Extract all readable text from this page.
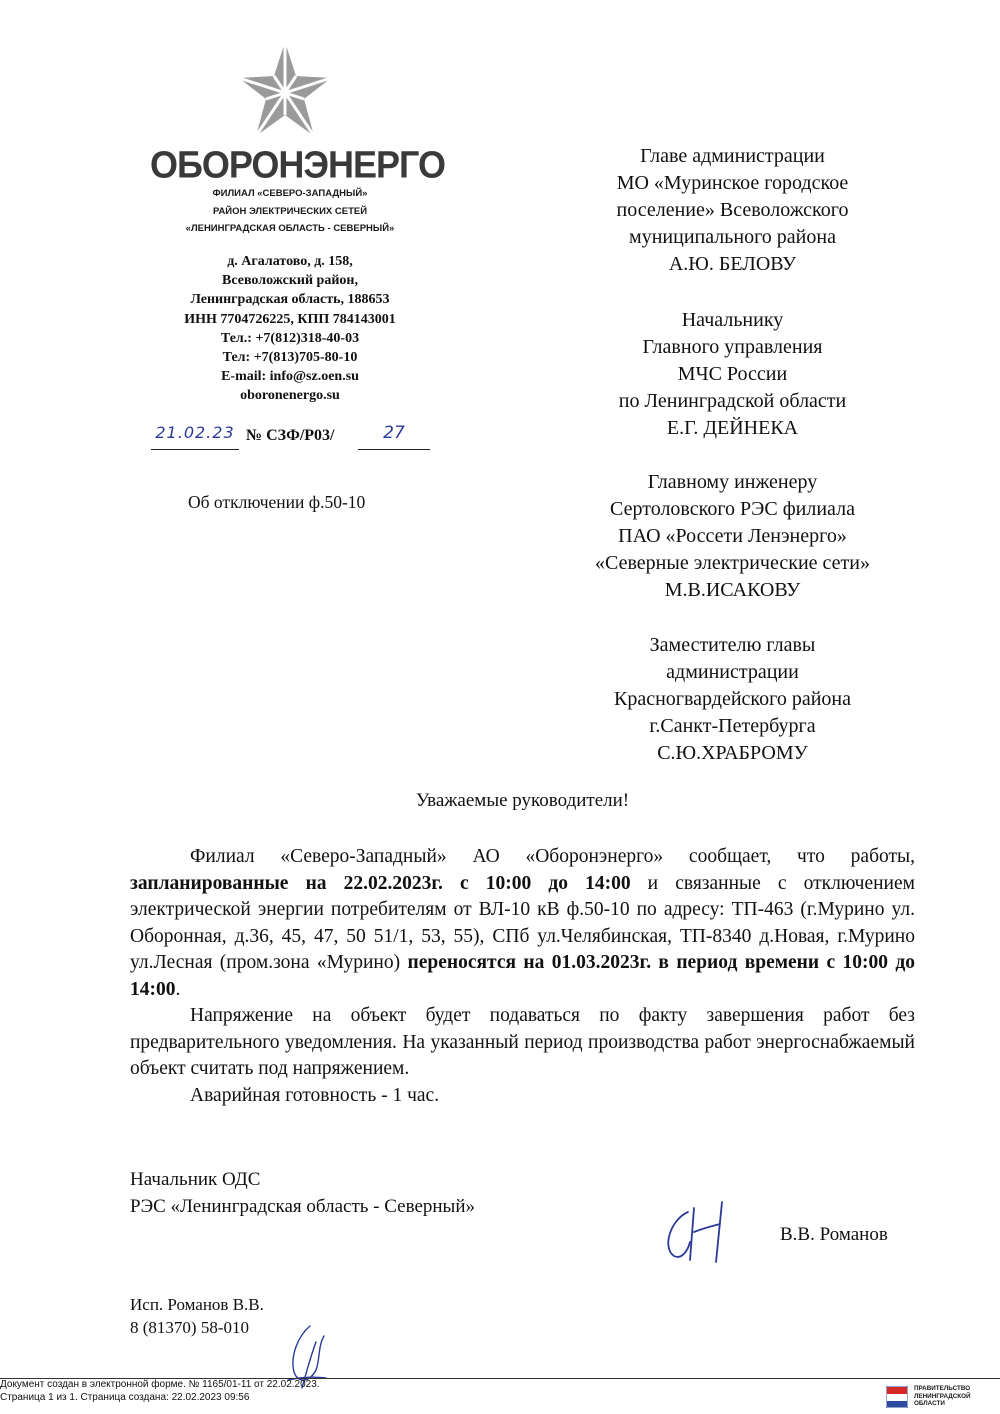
ОБОРОНЭНЕРГО
ФИЛИАЛ «СЕВЕРО-ЗАПАДНЫЙ»
РАЙОН ЭЛЕКТРИЧЕСКИХ СЕТЕЙ
«ЛЕНИНГРАДСКАЯ ОБЛАСТЬ - СЕВЕРНЫЙ»
д. Агалатово, д. 158,
Всеволожский район,
Ленинградская область, 188653
ИНН 7704726225, КПП 784143001
Тел.: +7(812)318-40-03
Тел: +7(813)705-80-10
E-mail: info@sz.oen.su
oboronenergo.su
21.02.23 № СЗФ/Р03/	27
Об отключении ф.50-10
Главе администрации
МО «Муринское городское
поселение» Всеволожского
муниципального района
А.Ю. БЕЛОВУ
Начальнику
Главного управления
МЧС России
по Ленинградской области
Е.Г. ДЕЙНЕКА
Главному инженеру
Сертоловского РЭС филиала
ПАО «Россети Ленэнерго»
«Северные электрические сети»
М.В.ИСАКОВУ
Заместителю главы
администрации
Красногвардейского района
г.Санкт-Петербурга
С.Ю.ХРАБРОМУ
Уважаемые руководители!

Филиал «Северо-Западный» АО «Оборонэнерго» сообщает, что работы, запланированные на 22.02.2023г. с 10:00 до 14:00 и связанные с отключением электрической энергии потребителям от ВЛ-10 кВ ф.50-10 по адресу: ТП-463 (г.Мурино ул. Оборонная, д.36, 45, 47, 50 51/1, 53, 55), СПб ул.Челябинская, ТП-8340 д.Новая, г.Мурино ул.Лесная (пром.зона «Мурино) переносятся на 01.03.2023г. в период времени с 10:00 до 14:00.

Напряжение на объект будет подаваться по факту завершения работ без предварительного уведомления. На указанный период производства работ энергоснабжаемый объект считать под напряжением.

Аварийная готовность - 1 час.

Начальник ОДС
РЭС «Ленинградская область - Северный»
В.В. Романов
Исп. Романов В.В.
8 (81370) 58-010
Документ создан в электронной форме. № 1165/01-11 от 22.02.2023.
Страница 1 из 1. Страница создана: 22.02.2023 09:56
ПРАВИТЕЛЬСТВО
ЛЕНИНГРАДСКОЙ
ОБЛАСТИ
